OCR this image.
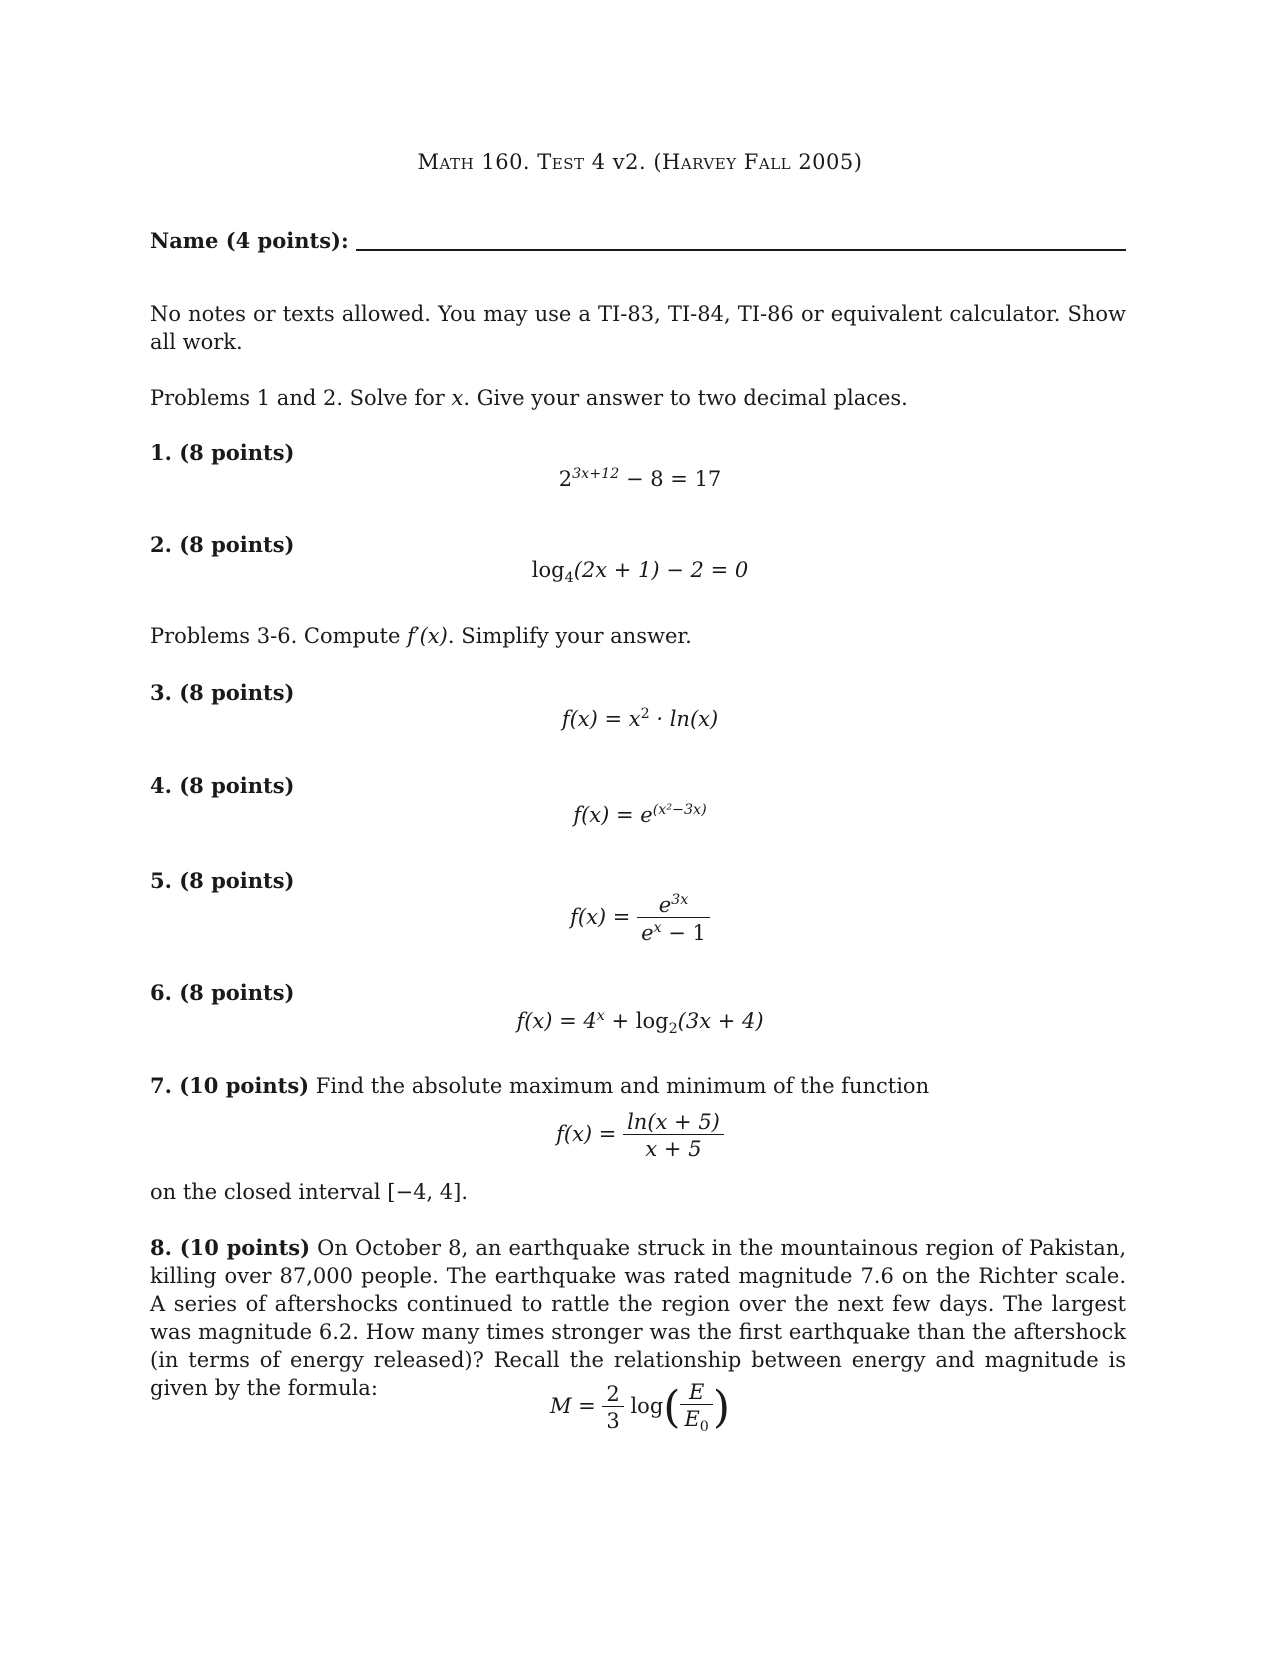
Math 160. Test 4 v2. (Harvey Fall 2005)
Name (4 points):
No notes or texts allowed. You may use a TI-83, TI-84, TI-86 or equivalent calculator. Show all work.
Problems 1 and 2. Solve for x. Give your answer to two decimal places.
1. (8 points)
$2^{3x+12} - 8 = 17$
2. (8 points)
$\log_4(2x + 1) - 2 = 0$
Problems 3-6. Compute f′(x). Simplify your answer.
3. (8 points)
$f(x) = x^2 \cdot \ln(x)$
4. (8 points)
$f(x) = e^{(x^2-3x)}$
5. (8 points)
$f(x) = \frac{e^{3x}}{e^x - 1}$
6. (8 points)
$f(x) = 4^x + \log_2(3x + 4)$
7. (10 points) Find the absolute maximum and minimum of the function
$f(x) = \frac{\ln(x + 5)}{x + 5}$
on the closed interval [−4, 4].
8. (10 points) On October 8, an earthquake struck in the mountainous region of Pakistan, killing over 87,000 people. The earthquake was rated magnitude 7.6 on the Richter scale. A series of aftershocks continued to rattle the region over the next few days. The largest was magnitude 6.2. How many times stronger was the first earthquake than the aftershock (in terms of energy released)? Recall the relationship between energy and magnitude is given by the formula:
$M = \frac{2}{3} \log( \frac{E}{E_0}$ )
